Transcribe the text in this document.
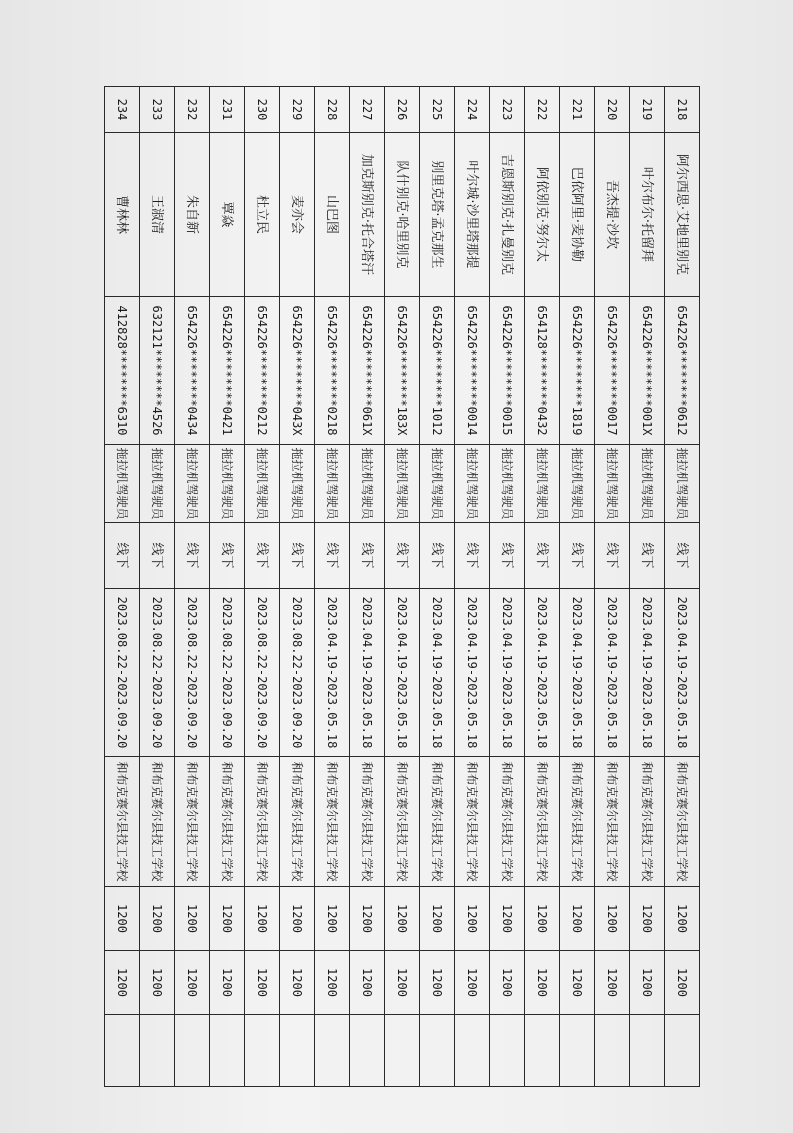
218	阿尔西思·艾地里别克	654226********0612	拖拉机驾驶员	线下	2023.04.19-2023.05.18	和布克赛尔县技工学校	1200	1200	
219	叶尔布尔·托留拜	654226********001X	拖拉机驾驶员	线下	2023.04.19-2023.05.18	和布克赛尔县技工学校	1200	1200	
220	吾杰提·沙坎	654226********0017	拖拉机驾驶员	线下	2023.04.19-2023.05.18	和布克赛尔县技工学校	1200	1200	
221	巴依阿里·麦协勒	654226********1819	拖拉机驾驶员	线下	2023.04.19-2023.05.18	和布克赛尔县技工学校	1200	1200	
222	阿依别克·努尔太	654128********0432	拖拉机驾驶员	线下	2023.04.19-2023.05.18	和布克赛尔县技工学校	1200	1200	
223	吉恩斯别克·扎曼别克	654226********0015	拖拉机驾驶员	线下	2023.04.19-2023.05.18	和布克赛尔县技工学校	1200	1200	
224	叶尔城·沙里塔那提	654226********0014	拖拉机驾驶员	线下	2023.04.19-2023.05.18	和布克赛尔县技工学校	1200	1200	
225	别里克塔·孟克那生	654226********1012	拖拉机驾驶员	线下	2023.04.19-2023.05.18	和布克赛尔县技工学校	1200	1200	
226	队什别克·哈里别克	654226********183X	拖拉机驾驶员	线下	2023.04.19-2023.05.18	和布克赛尔县技工学校	1200	1200	
227	加克斯别克·托合塔汗	654226********061X	拖拉机驾驶员	线下	2023.04.19-2023.05.18	和布克赛尔县技工学校	1200	1200	
228	山巴图	654226********0218	拖拉机驾驶员	线下	2023.04.19-2023.05.18	和布克赛尔县技工学校	1200	1200	
229	麦亦会	654226********043X	拖拉机驾驶员	线下	2023.08.22-2023.09.20	和布克赛尔县技工学校	1200	1200	
230	杜立民	654226********0212	拖拉机驾驶员	线下	2023.08.22-2023.09.20	和布克赛尔县技工学校	1200	1200	
231	覃焱	654226********0421	拖拉机驾驶员	线下	2023.08.22-2023.09.20	和布克赛尔县技工学校	1200	1200	
232	朱自新	654226********0434	拖拉机驾驶员	线下	2023.08.22-2023.09.20	和布克赛尔县技工学校	1200	1200	
233	王淑清	632121********4526	拖拉机驾驶员	线下	2023.08.22-2023.09.20	和布克赛尔县技工学校	1200	1200	
234	曹林林	412828********6310	拖拉机驾驶员	线下	2023.08.22-2023.09.20	和布克赛尔县技工学校	1200	1200	
